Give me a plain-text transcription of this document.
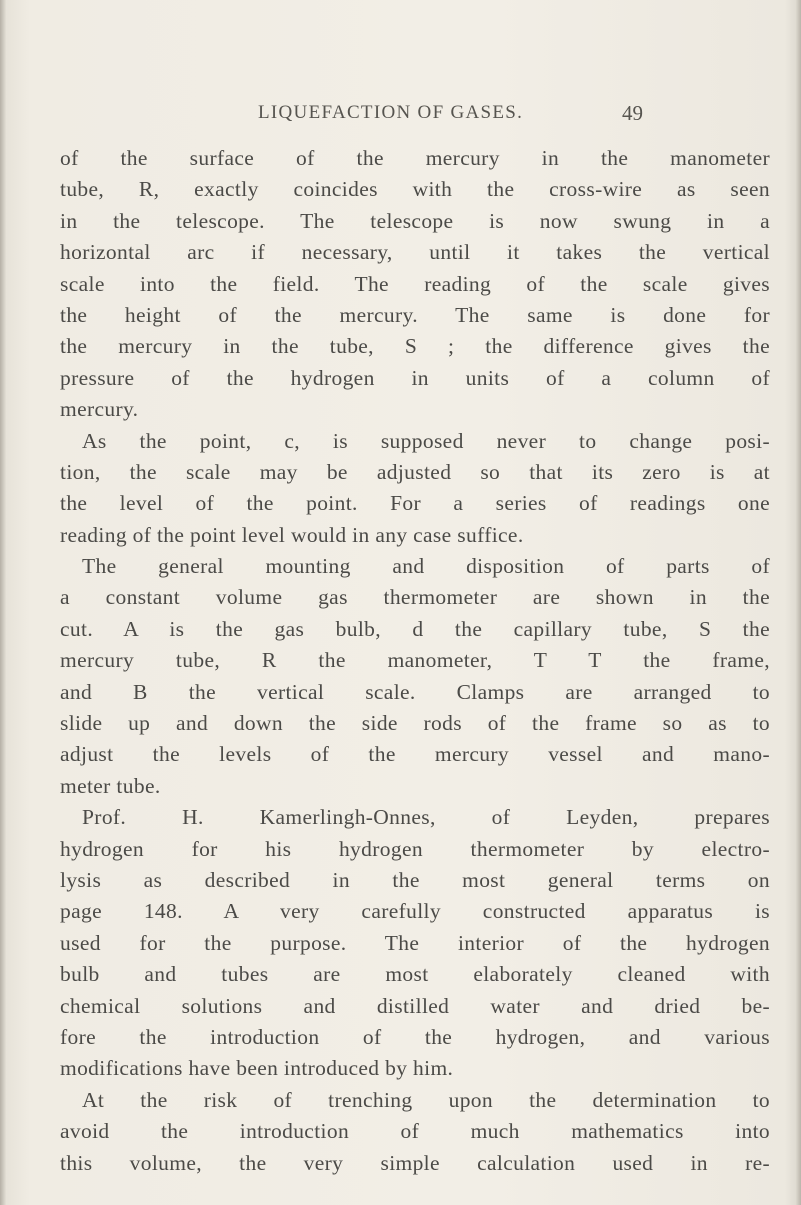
LIQUEFACTION OF GASES.	49
of the surface of the mercury in the manometer
tube, R, exactly coincides with the cross-wire as seen
in the telescope. The telescope is now swung in a
horizontal arc if necessary, until it takes the vertical
scale into the field. The reading of the scale gives
the height of the mercury. The same is done for
the mercury in the tube, S ; the difference gives the
pressure of the hydrogen in units of a column of
mercury.
As the point, c, is supposed never to change posi-
tion, the scale may be adjusted so that its zero is at
the level of the point. For a series of readings one
reading of the point level would in any case suffice.
The general mounting and disposition of parts of
a constant volume gas thermometer are shown in the
cut. A is the gas bulb, d the capillary tube, S the
mercury tube, R the manometer, T T the frame,
and B the vertical scale. Clamps are arranged to
slide up and down the side rods of the frame so as to
adjust the levels of the mercury vessel and mano-
meter tube.
Prof. H. Kamerlingh-Onnes, of Leyden, prepares
hydrogen for his hydrogen thermometer by electro-
lysis as described in the most general terms on
page 148. A very carefully constructed apparatus is
used for the purpose. The interior of the hydrogen
bulb and tubes are most elaborately cleaned with
chemical solutions and distilled water and dried be-
fore the introduction of the hydrogen, and various
modifications have been introduced by him.
At the risk of trenching upon the determination to
avoid the introduction of much mathematics into
this volume, the very simple calculation used in re-
